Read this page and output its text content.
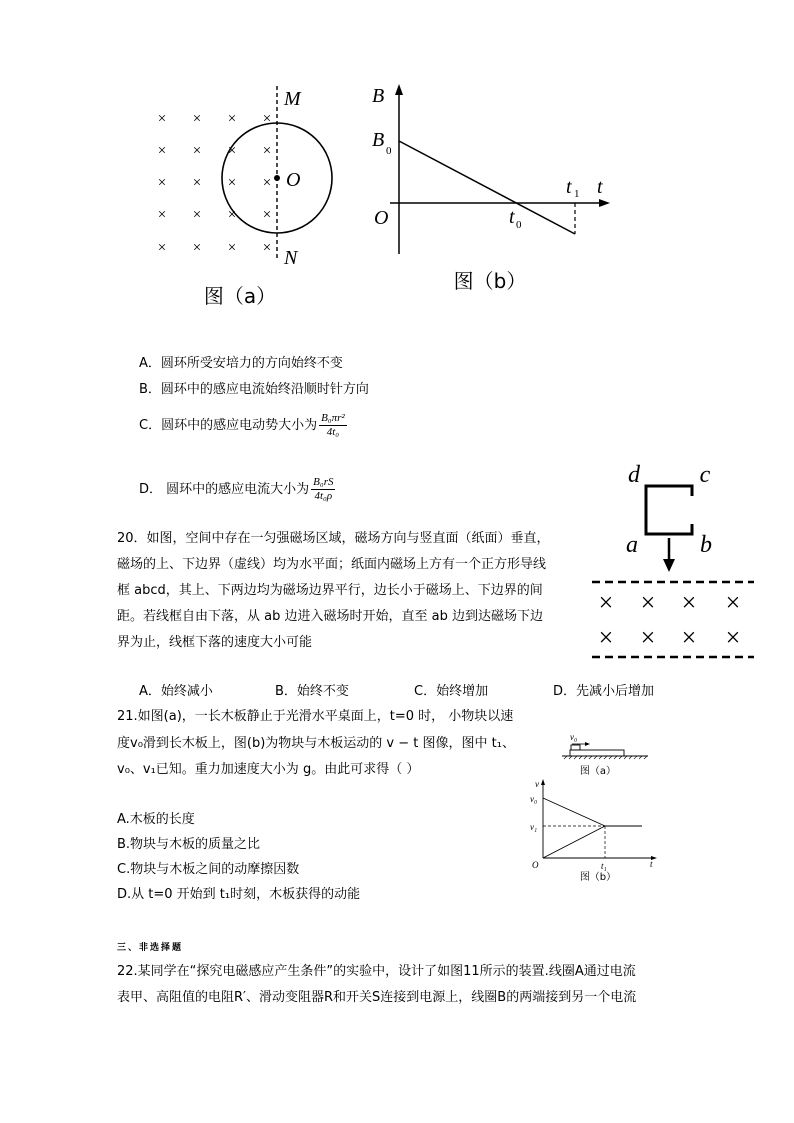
× × × ×
× × × ×
× × × ×
× × × ×
× × × ×
M
O
N
图（a）
B
B 0
t 1 t
O	t 0
图（b）
A．圆环所受安培力的方向始终不变
B．圆环中的感应电流始终沿顺时针方向
C．圆环中的感应电动势大小为 $\frac{\text{B₀πr²}}{\text{4t₀}}$
D． 圆环中的感应电流大小为 $\frac{\text{B₀rS}}{\text{4t₀ρ}}$
20．如图，空间中存在一匀强磁场区域，磁场方向与竖直面（纸面）垂直，磁场的上、下边界（虚线）均为水平面；纸面内磁场上方有一个正方形导线框 abcd，其上、下两边均为磁场边界平行，边长小于磁场上、下边界的间距。若线框自由下落，从 ab 边进入磁场时开始，直至 ab 边到达磁场下边界为止，线框下落的速度大小可能
d c
a	b
× × × ×
× × × ×
A．始终减小	B．始终不变	C．始终增加	D．先减小后增加
21.如图(a)，一长木板静止于光滑水平桌面上，t=0 时， 小物块以速
度v₀滑到长木板上，图(b)为物块与木板运动的 v − t 图像，图中 t₁、
v₀、v₁已知。重力加速度大小为 g。由此可求得（ ）
v₀
图（a）
v
v₀
v₁
O	t₁	t
图（b）
A.木板的长度
B.物块与木板的质量之比
C.物块与木板之间的动摩擦因数
D.从 t=0 开始到 t₁时刻，木板获得的动能
三、非选择题
22.某同学在“探究电磁感应产生条件”的实验中，设计了如图11所示的装置.线圈A通过电流
表甲、高阻值的电阻R′、滑动变阻器R和开关S连接到电源上，线圈B的两端接到另一个电流
